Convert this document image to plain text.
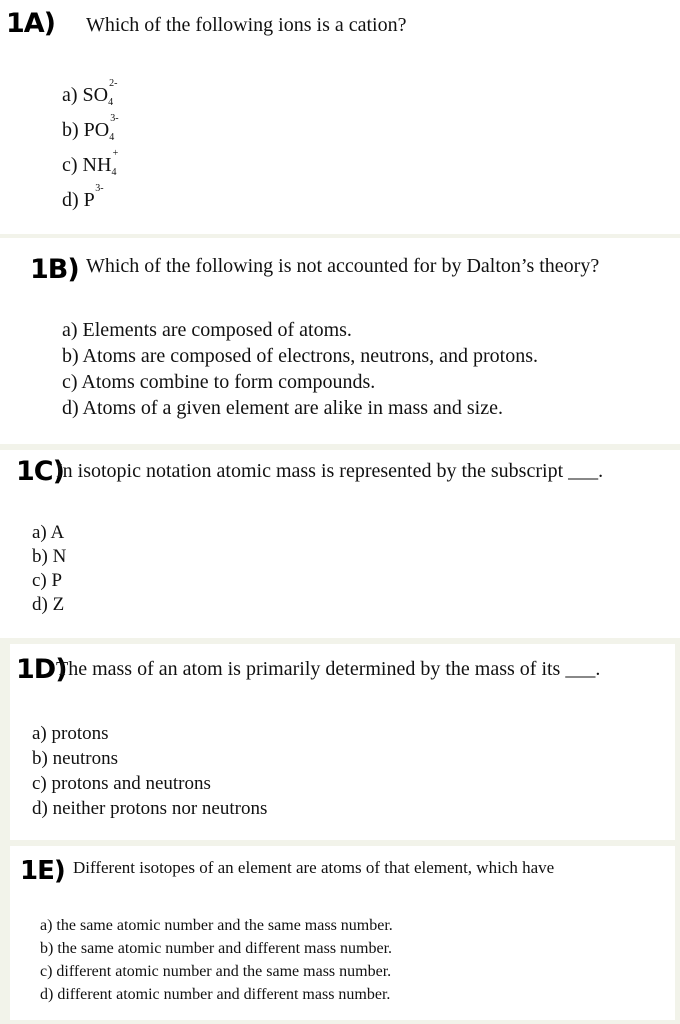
1A) Which of the following ions is a cation?
a) SO 4
2-
b) PO 4
3-
c) NH 4
+
d) P
3-
1B) Which of the following is not accounted for by Dalton’s theory?
a) Elements are composed of atoms.
b) Atoms are composed of electrons, neutrons, and protons.
c) Atoms combine to form compounds.
d) Atoms of a given element are alike in mass and size.
1C)
In isotopic notation atomic mass is represented by the subscript ___.
a) A
b) N
c) P
d) Z
1D)
The mass of an atom is primarily determined by the mass of its ___.
a) protons
b) neutrons
c) protons and neutrons
d) neither protons nor neutrons
1E) Different isotopes of an element are atoms of that element, which have
a) the same atomic number and the same mass number.
b) the same atomic number and different mass number.
c) different atomic number and the same mass number.
d) different atomic number and different mass number.
